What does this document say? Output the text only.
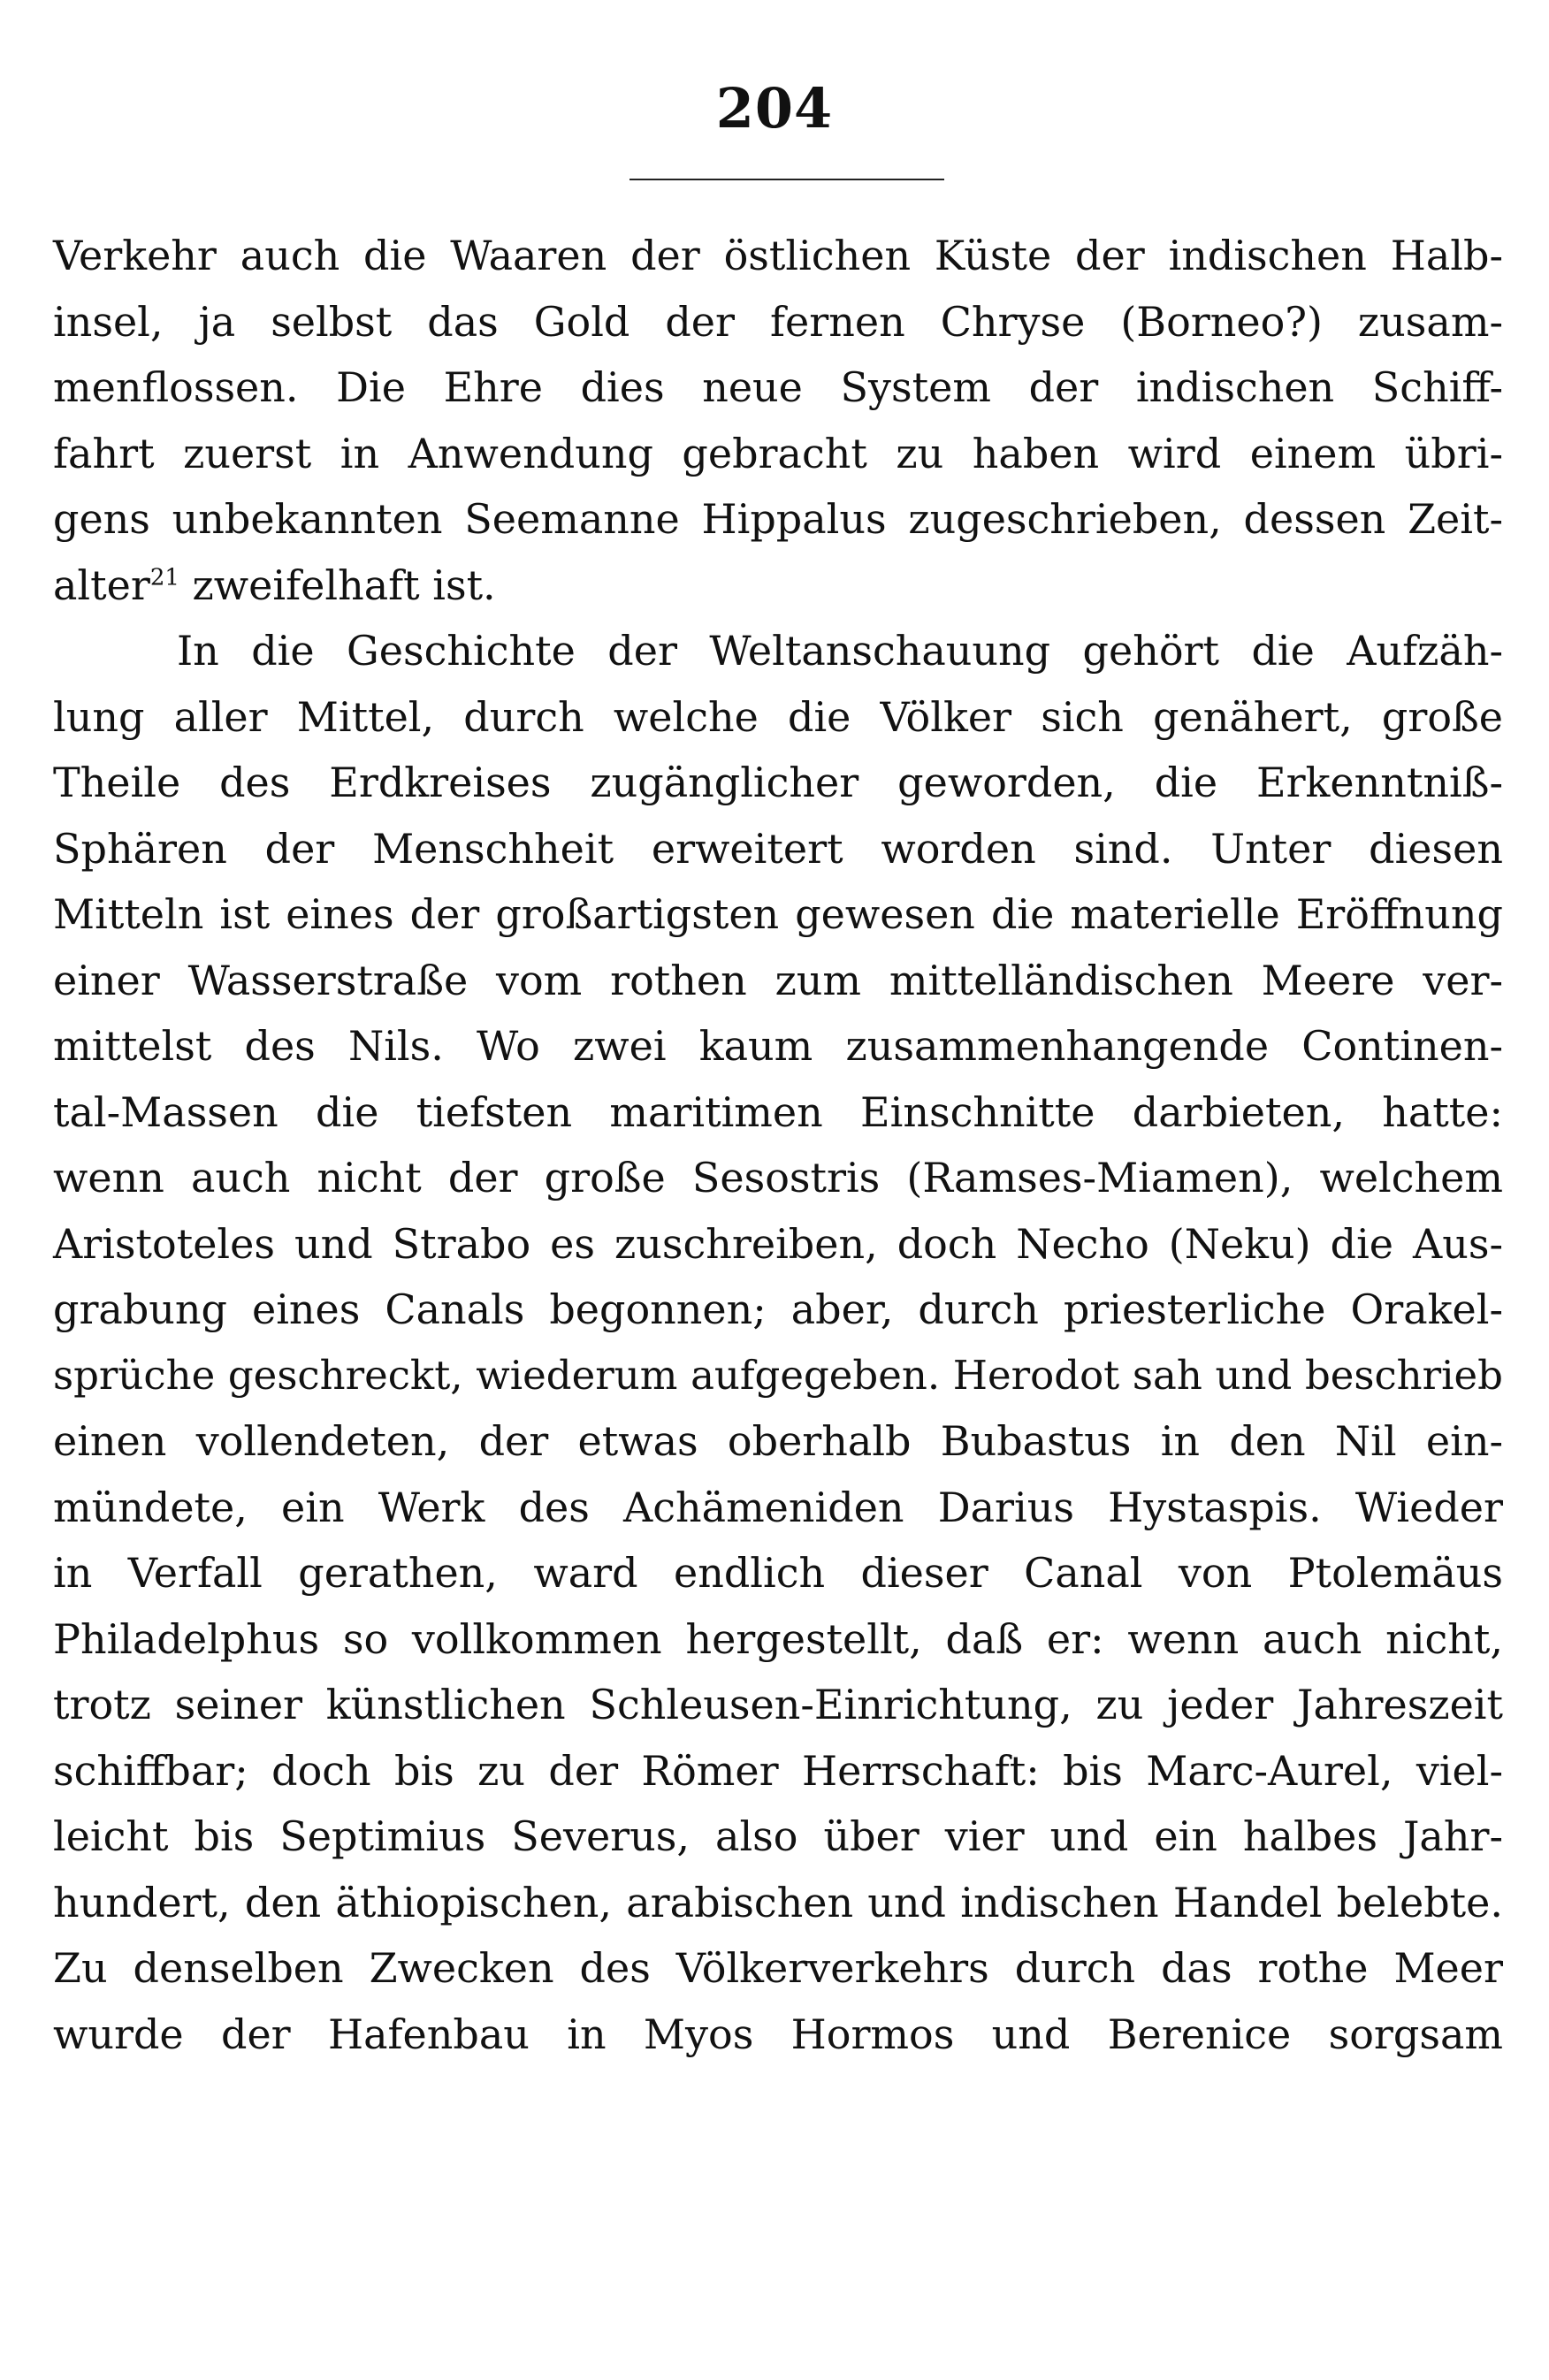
204
Verkehr auch die Waaren der östlichen Küste der indischen Halb-
insel, ja selbst das Gold der fernen Chryse (Borneo?) zusam-
menflossen. Die Ehre dies neue System der indischen Schiff-
fahrt zuerst in Anwendung gebracht zu haben wird einem übri-
gens unbekannten Seemanne Hippalus zugeschrieben, dessen Zeit-
alter$^{21}$ zweifelhaft ist.
In die Geschichte der Weltanschauung gehört die Aufzäh-
lung aller Mittel, durch welche die Völker sich genähert, große
Theile des Erdkreises zugänglicher geworden, die Erkenntniß-
Sphären der Menschheit erweitert worden sind. Unter diesen
Mitteln ist eines der großartigsten gewesen die materielle Eröffnung
einer Wasserstraße vom rothen zum mittelländischen Meere ver-
mittelst des Nils. Wo zwei kaum zusammenhangende Continen-
tal-Massen die tiefsten maritimen Einschnitte darbieten, hatte:
wenn auch nicht der große Sesostris (Ramses-Miamen), welchem
Aristoteles und Strabo es zuschreiben, doch Necho (Neku) die Aus-
grabung eines Canals begonnen; aber, durch priesterliche Orakel-
sprüche geschreckt, wiederum aufgegeben. Herodot sah und beschrieb
einen vollendeten, der etwas oberhalb Bubastus in den Nil ein-
mündete, ein Werk des Achämeniden Darius Hystaspis. Wieder
in Verfall gerathen, ward endlich dieser Canal von Ptolemäus
Philadelphus so vollkommen hergestellt, daß er: wenn auch nicht,
trotz seiner künstlichen Schleusen-Einrichtung, zu jeder Jahreszeit
schiffbar; doch bis zu der Römer Herrschaft: bis Marc-Aurel, viel-
leicht bis Septimius Severus, also über vier und ein halbes Jahr-
hundert, den äthiopischen, arabischen und indischen Handel belebte.
Zu denselben Zwecken des Völkerverkehrs durch das rothe Meer
wurde der Hafenbau in Myos Hormos und Berenice sorgsam
